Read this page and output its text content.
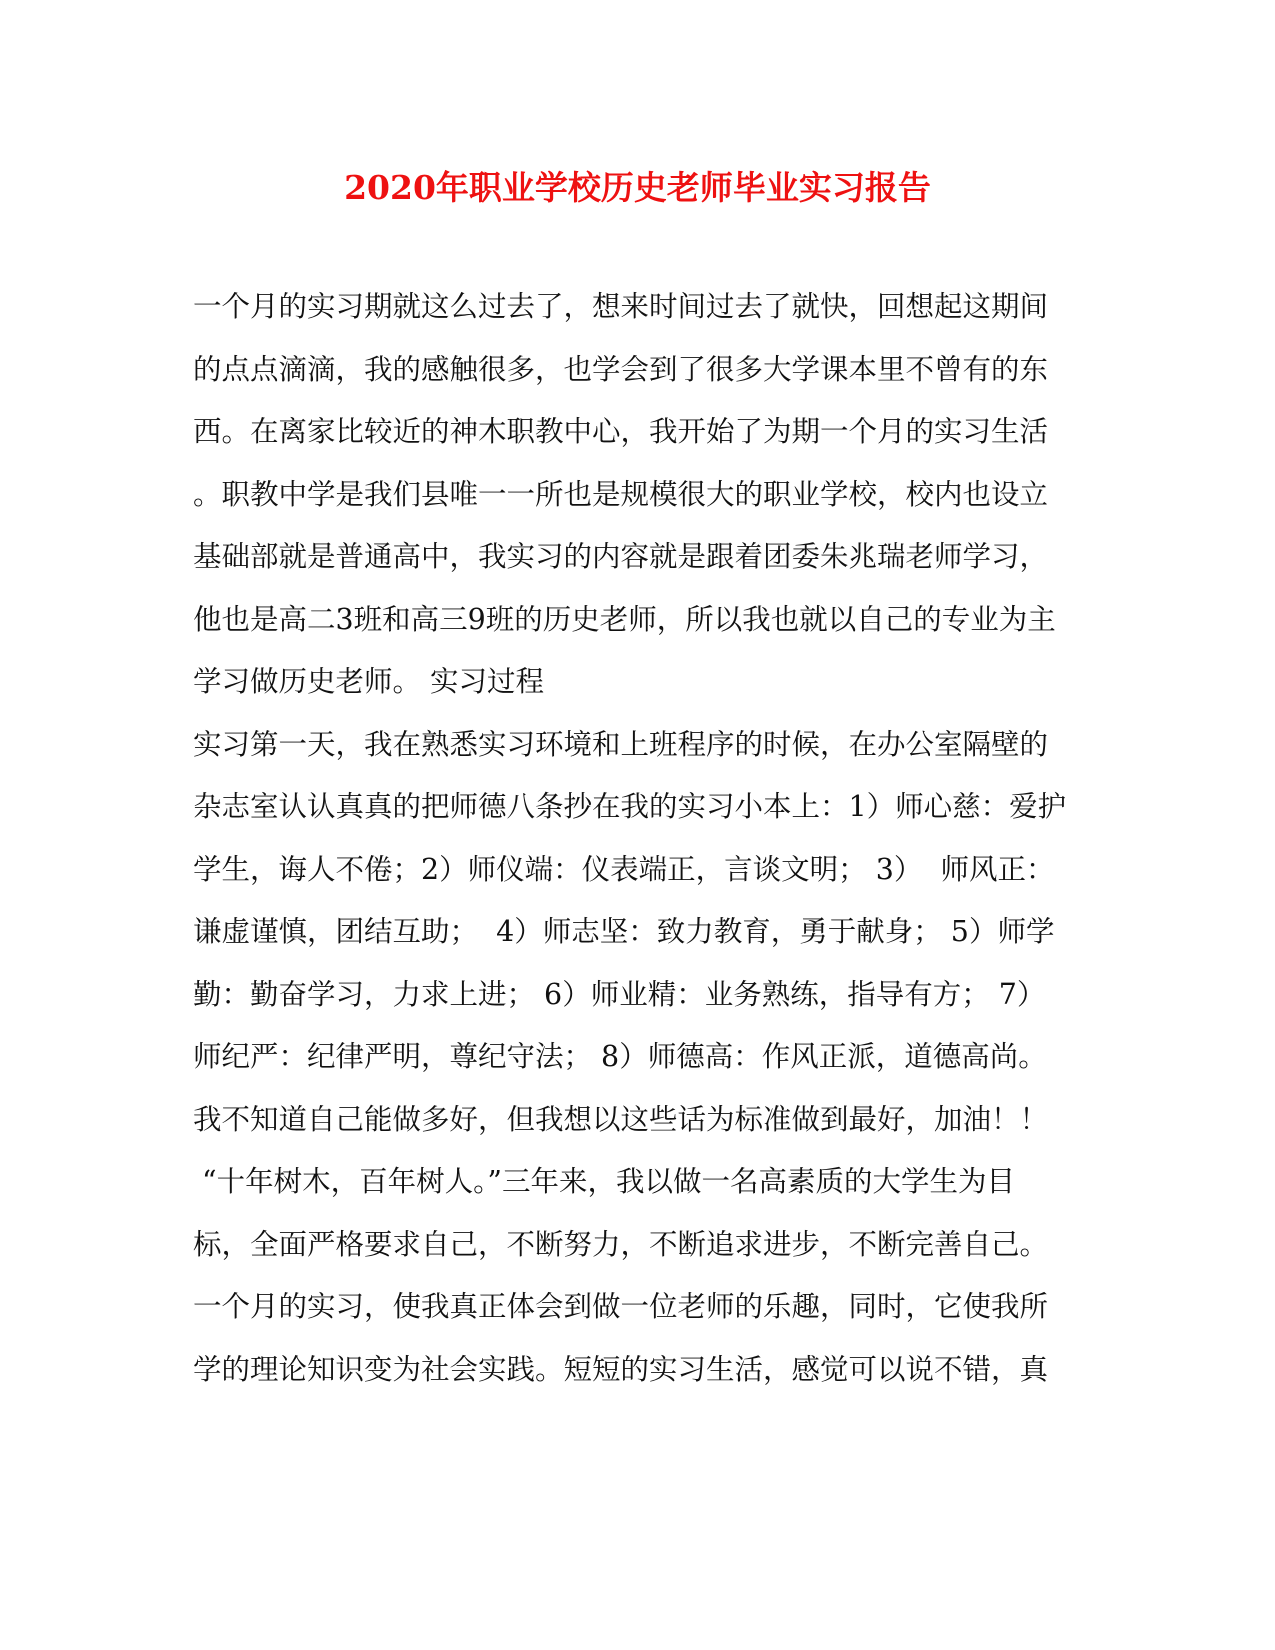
2020年职业学校历史老师毕业实习报告
一个月的实习期就这么过去了，想来时间过去了就快，回想起这期间
的点点滴滴，我的感触很多，也学会到了很多大学课本里不曾有的东
西。在离家比较近的神木职教中心，我开始了为期一个月的实习生活
。职教中学是我们县唯一一所也是规模很大的职业学校，校内也设立
基础部就是普通高中，我实习的内容就是跟着团委朱兆瑞老师学习，
他也是高二3班和高三9班的历史老师，所以我也就以自己的专业为主
学习做历史老师。 实习过程
实习第一天，我在熟悉实习环境和上班程序的时候，在办公室隔壁的
杂志室认认真真的把师德八条抄在我的实习小本上：1）师心慈：爱护
学生，诲人不倦；2）师仪端：仪表端正，言谈文明； 3）  师风正：
谦虚谨慎，团结互助；  4）师志坚：致力教育，勇于献身； 5）师学
勤：勤奋学习，力求上进； 6）师业精：业务熟练，指导有方； 7）
师纪严：纪律严明，尊纪守法； 8）师德高：作风正派，道德高尚。
我不知道自己能做多好，但我想以这些话为标准做到最好，加油！！
“十年树木，百年树人。”三年来，我以做一名高素质的大学生为目
标，全面严格要求自己，不断努力，不断追求进步，不断完善自己。
一个月的实习，使我真正体会到做一位老师的乐趣，同时，它使我所
学的理论知识变为社会实践。短短的实习生活，感觉可以说不错，真
